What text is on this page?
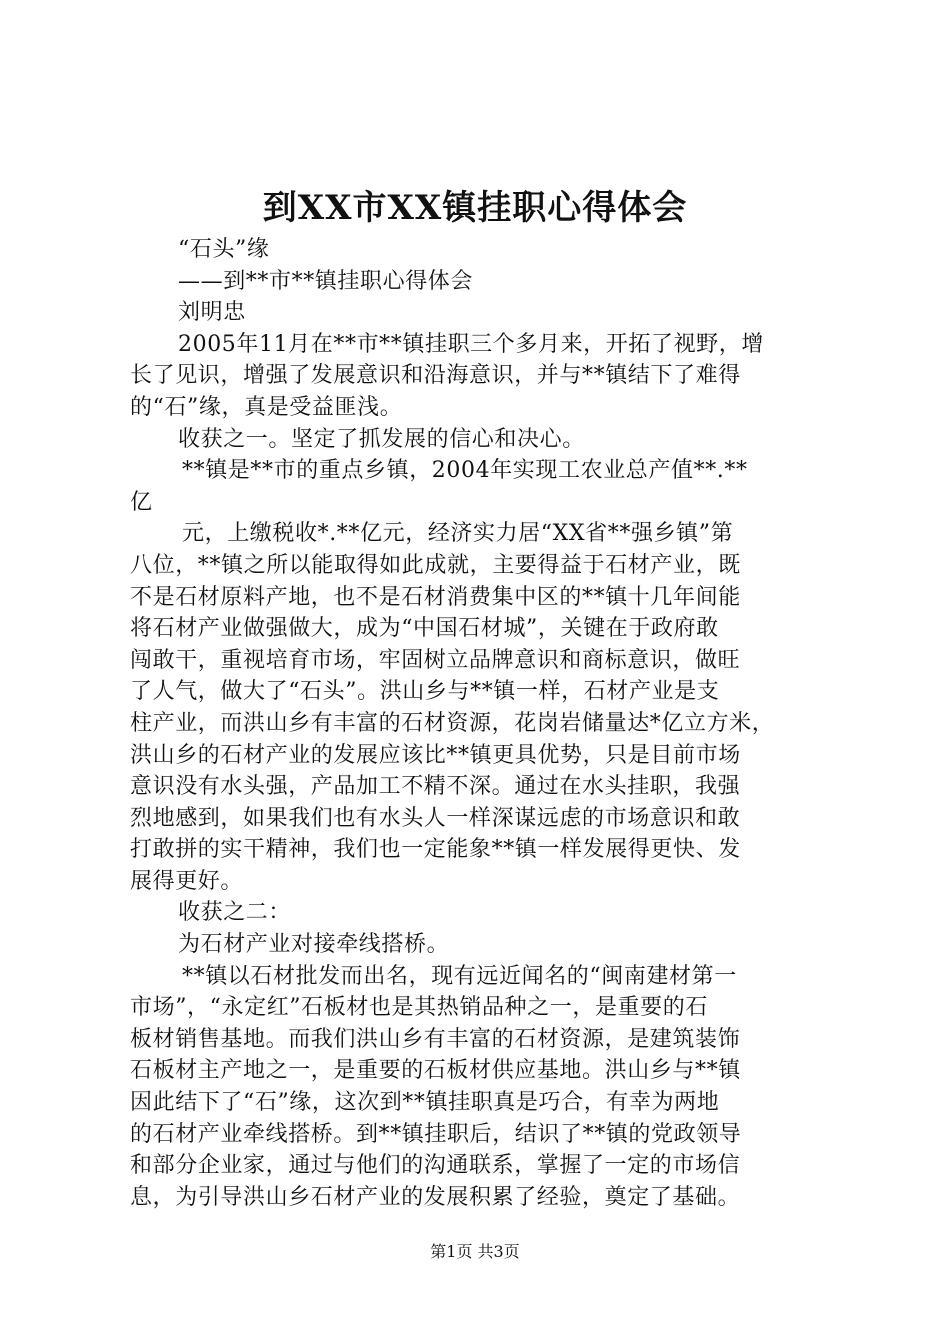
到XX市XX镇挂职心得体会
“石头”缘
——到**市**镇挂职心得体会
刘明忠
2005年11月在**市**镇挂职三个多月来，开拓了视野，增
长了见识，增强了发展意识和沿海意识，并与**镇结下了难得
的“石”缘，真是受益匪浅。
收获之一。坚定了抓发展的信心和决心。
**镇是**市的重点乡镇，2004年实现工农业总产值**.**
亿
元，上缴税收*.**亿元，经济实力居“XX省**强乡镇”第
八位，**镇之所以能取得如此成就，主要得益于石材产业，既
不是石材原料产地，也不是石材消费集中区的**镇十几年间能
将石材产业做强做大，成为“中国石材城”，关键在于政府敢
闯敢干，重视培育市场，牢固树立品牌意识和商标意识，做旺
了人气，做大了“石头”。洪山乡与**镇一样，石材产业是支
柱产业，而洪山乡有丰富的石材资源，花岗岩储量达*亿立方米，
洪山乡的石材产业的发展应该比**镇更具优势，只是目前市场
意识没有水头强，产品加工不精不深。通过在水头挂职，我强
烈地感到，如果我们也有水头人一样深谋远虑的市场意识和敢
打敢拼的实干精神，我们也一定能象**镇一样发展得更快、发
展得更好。
收获之二：
为石材产业对接牵线搭桥。
**镇以石材批发而出名，现有远近闻名的“闽南建材第一
市场”，“永定红”石板材也是其热销品种之一，是重要的石
板材销售基地。而我们洪山乡有丰富的石材资源，是建筑装饰
石板材主产地之一，是重要的石板材供应基地。洪山乡与**镇
因此结下了“石”缘，这次到**镇挂职真是巧合，有幸为两地
的石材产业牵线搭桥。到**镇挂职后，结识了**镇的党政领导
和部分企业家，通过与他们的沟通联系，掌握了一定的市场信
息，为引导洪山乡石材产业的发展积累了经验，奠定了基础。
第1页 共3页
